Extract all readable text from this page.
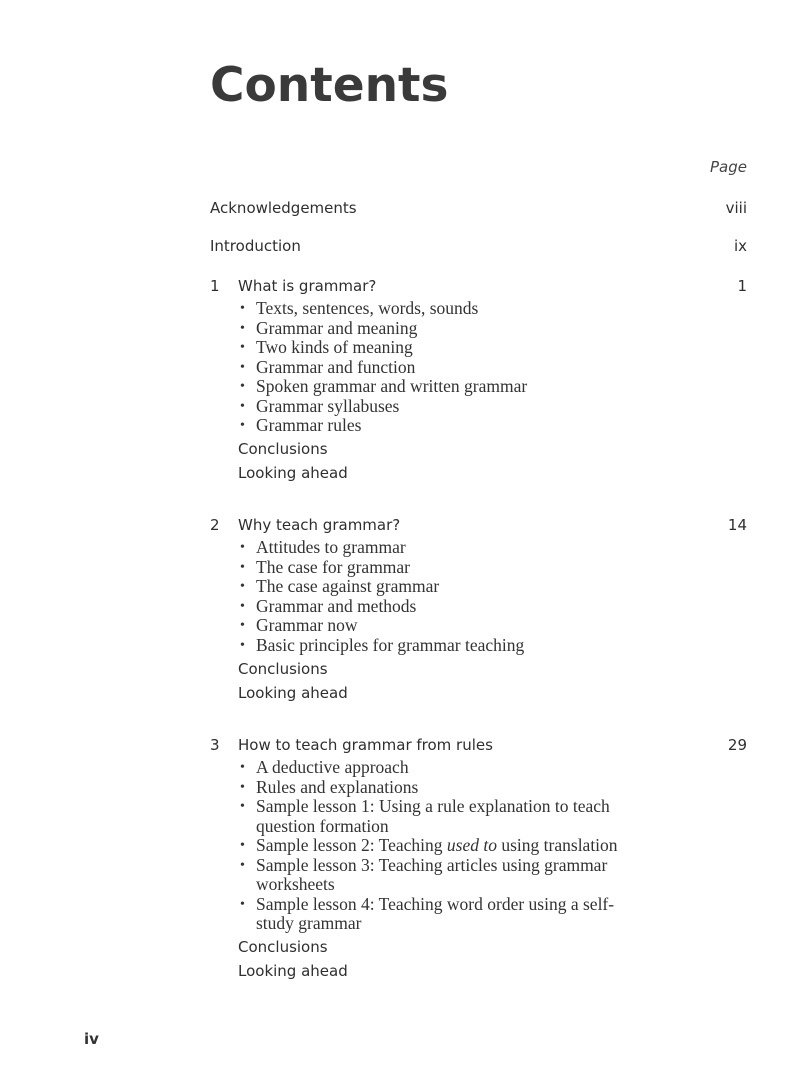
Contents
Page
Acknowledgements	viii
Introduction	ix
1 What is grammar?	1
• Texts, sentences, words, sounds
• Grammar and meaning
• Two kinds of meaning
• Grammar and function
• Spoken grammar and written grammar
• Grammar syllabuses
• Grammar rules
Conclusions
Looking ahead
2 Why teach grammar?	14
• Attitudes to grammar
• The case for grammar
• The case against grammar
• Grammar and methods
• Grammar now
• Basic principles for grammar teaching
Conclusions
Looking ahead
3 How to teach grammar from rules	29
• A deductive approach
• Rules and explanations
• Sample lesson 1: Using a rule explanation to teach question formation
• Sample lesson 2: Teaching used to using translation
• Sample lesson 3: Teaching articles using grammar worksheets
• Sample lesson 4: Teaching word order using a self-study grammar
Conclusions
Looking ahead
iv
